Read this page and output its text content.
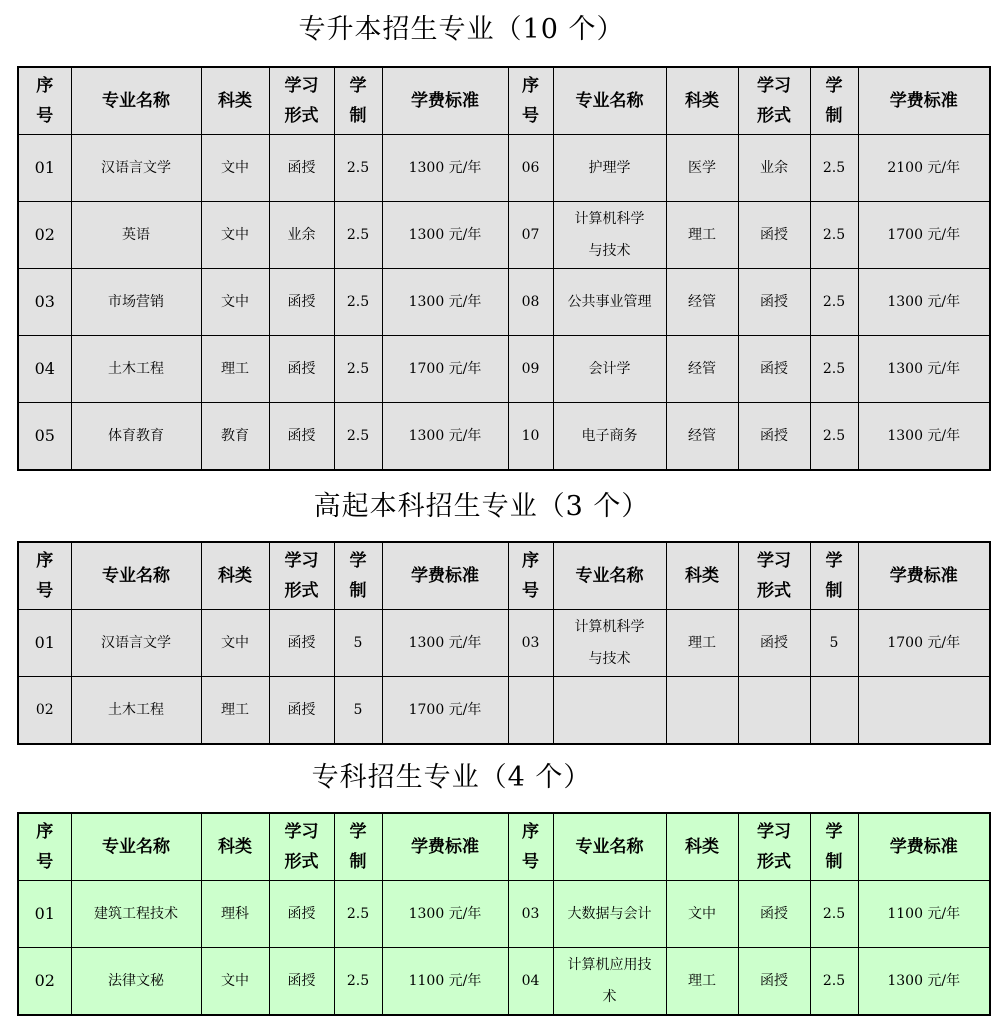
专升本招生专业（10 个）
序
号	专业名称	科类	学习
形式	学
制	学费标准	序
号	专业名称	科类	学习
形式	学
制	学费标准
01	汉语言文学	文中	函授	2.5	1300 元/年	06	护理学	医学	业余	2.5	2100 元/年
02	英语	文中	业余	2.5	1300 元/年	07	计算机科学
与技术	理工	函授	2.5	1700 元/年
03	市场营销	文中	函授	2.5	1300 元/年	08	公共事业管理	经管	函授	2.5	1300 元/年
04	土木工程	理工	函授	2.5	1700 元/年	09	会计学	经管	函授	2.5	1300 元/年
05	体育教育	教育	函授	2.5	1300 元/年	10	电子商务	经管	函授	2.5	1300 元/年
高起本科招生专业（3 个）
序
号	专业名称	科类	学习
形式	学
制	学费标准	序
号	专业名称	科类	学习
形式	学
制	学费标准
01	汉语言文学	文中	函授	5	1300 元/年	03	计算机科学
与技术	理工	函授	5	1700 元/年
02	土木工程	理工	函授	5	1700 元/年						
专科招生专业（4 个）
序
号	专业名称	科类	学习
形式	学
制	学费标准	序
号	专业名称	科类	学习
形式	学
制	学费标准
01	建筑工程技术	理科	函授	2.5	1300 元/年	03	大数据与会计	文中	函授	2.5	1100 元/年
02	法律文秘	文中	函授	2.5	1100 元/年	04	计算机应用技
术	理工	函授	2.5	1300 元/年
